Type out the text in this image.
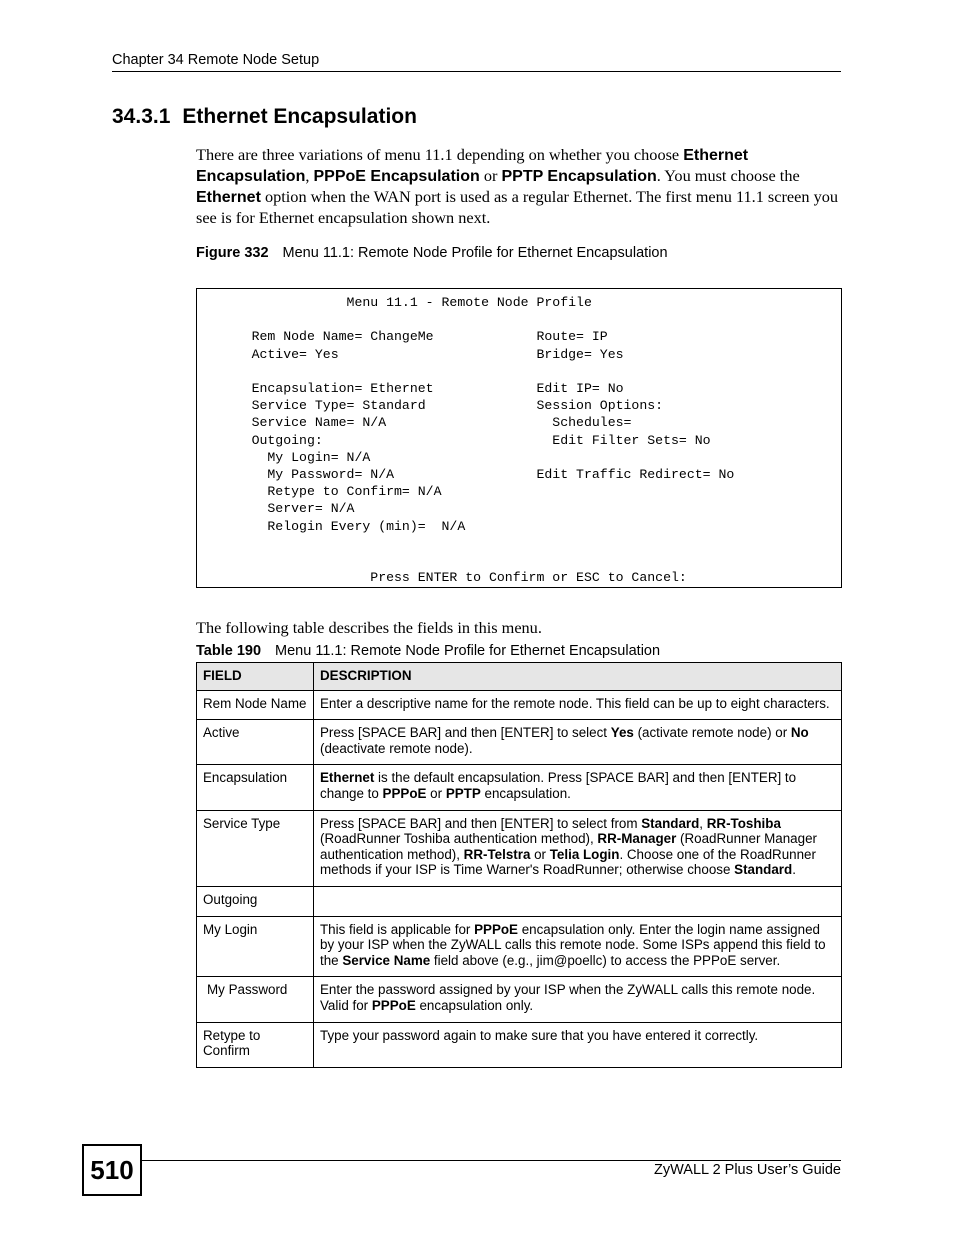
Chapter 34 Remote Node Setup
34.3.1 Ethernet Encapsulation

There are three variations of menu 11.1 depending on whether you choose Ethernet Encapsulation, PPPoE Encapsulation or PPTP Encapsulation. You must choose the Ethernet option when the WAN port is used as a regular Ethernet. The first menu 11.1 screen you see is for Ethernet encapsulation shown next.

Figure 332 Menu 11.1: Remote Node Profile for Ethernet Encapsulation
Menu 11.1 - Remote Node Profile

Rem Node Name= ChangeMe             Route= IP
Active= Yes                         Bridge= Yes

Encapsulation= Ethernet             Edit IP= No
Service Type= Standard              Session Options:
Service Name= N/A                     Schedules=
Outgoing:                             Edit Filter Sets= No
My Login= N/A
My Password= N/A                  Edit Traffic Redirect= No
Retype to Confirm= N/A
Server= N/A
Relogin Every (min)=  N/A

Press ENTER to Confirm or ESC to Cancel:

The following table describes the fields in this menu.

Table 190 Menu 11.1: Remote Node Profile for Ethernet Encapsulation
FIELD	DESCRIPTION
Rem Node Name	Enter a descriptive name for the remote node. This field can be up to eight characters.
Active	Press [SPACE BAR] and then [ENTER] to select Yes (activate remote node) or No (deactivate remote node).
Encapsulation	Ethernet is the default encapsulation. Press [SPACE BAR] and then [ENTER] to change to PPPoE or PPTP encapsulation.
Service Type	Press [SPACE BAR] and then [ENTER] to select from Standard, RR-Toshiba (RoadRunner Toshiba authentication method), RR-Manager (RoadRunner Manager authentication method), RR-Telstra or Telia Login. Choose one of the RoadRunner methods if your ISP is Time Warner's RoadRunner; otherwise choose Standard.
Outgoing	
My Login	This field is applicable for PPPoE encapsulation only. Enter the login name assigned by your ISP when the ZyWALL calls this remote node. Some ISPs append this field to the Service Name field above (e.g., jim@poellc) to access the PPPoE server.
My Password	Enter the password assigned by your ISP when the ZyWALL calls this remote node. Valid for PPPoE encapsulation only.
Retype to Confirm	Type your password again to make sure that you have entered it correctly.
510	ZyWALL 2 Plus User’s Guide
